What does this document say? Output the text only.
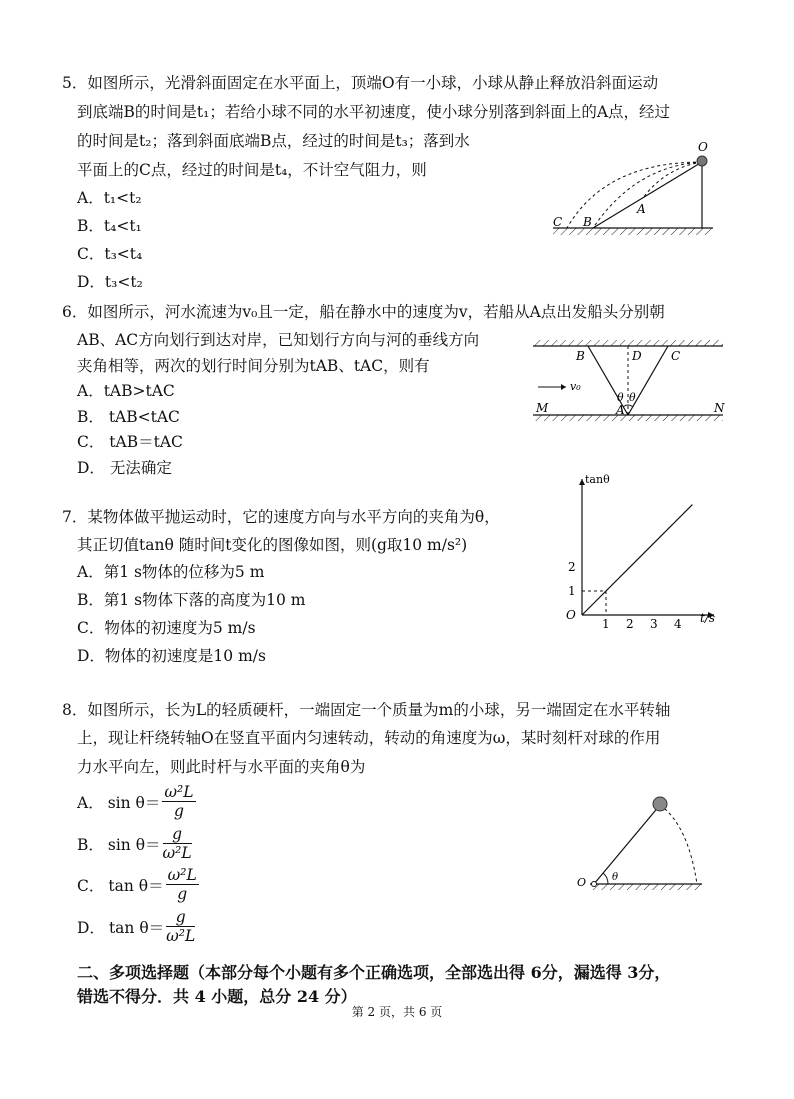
5．如图所示，光滑斜面固定在水平面上，顶端O有一小球，小球从静止释放沿斜面运动
到底端B的时间是t₁；若给小球不同的水平初速度，使小球分别落到斜面上的A点，经过
的时间是t₂；落到斜面底端B点，经过的时间是t₃；落到水
平面上的C点，经过的时间是t₄，不计空气阻力，则
A．t₁<t₂
B．t₄<t₁
C．t₃<t₄
D．t₃<t₂
O
A
B
C
6．如图所示，河水流速为v₀且一定，船在静水中的速度为v，若船从A点出发船头分别朝
AB、AC方向划行到达对岸，已知划行方向与河的垂线方向
夹角相等，两次的划行时间分别为tAB、tAC，则有
A．tAB>tAC
B． tAB<tAC
C． tAB＝tAC
D． 无法确定
B	D C
v₀
θ θ
A
M	N
7．某物体做平抛运动时，它的速度方向与水平方向的夹角为θ，
其正切值tanθ 随时间t变化的图像如图，则(g取10 m/s²)
A．第1 s物体的位移为5 m
B．第1 s物体下落的高度为10 m
C．物体的初速度为5 m/s
D．物体的初速度是10 m/s
tanθ
t/s
O
1 2 3 4
1
2
8．如图所示，长为L的轻质硬杆，一端固定一个质量为m的小球，另一端固定在水平转轴
上，现让杆绕转轴O在竖直平面内匀速转动，转动的角速度为ω，某时刻杆对球的作用
力水平向左，则此时杆与水平面的夹角θ为
A． $\sin \theta= \frac{\text{ω²L}}{g}$
B． $\sin \theta= \frac{g}{\text{ω²L}}$
C． $\tan \theta= \frac{\text{ω²L}}{g}$
D． $\tan \theta= \frac{g}{\text{ω²L}}$
O	θ
二、多项选择题（本部分每个小题有多个正确选项，全部选出得 6分，漏选得 3分，
错选不得分．共 4 小题，总分 24 分）
第 2 页，共 6 页
